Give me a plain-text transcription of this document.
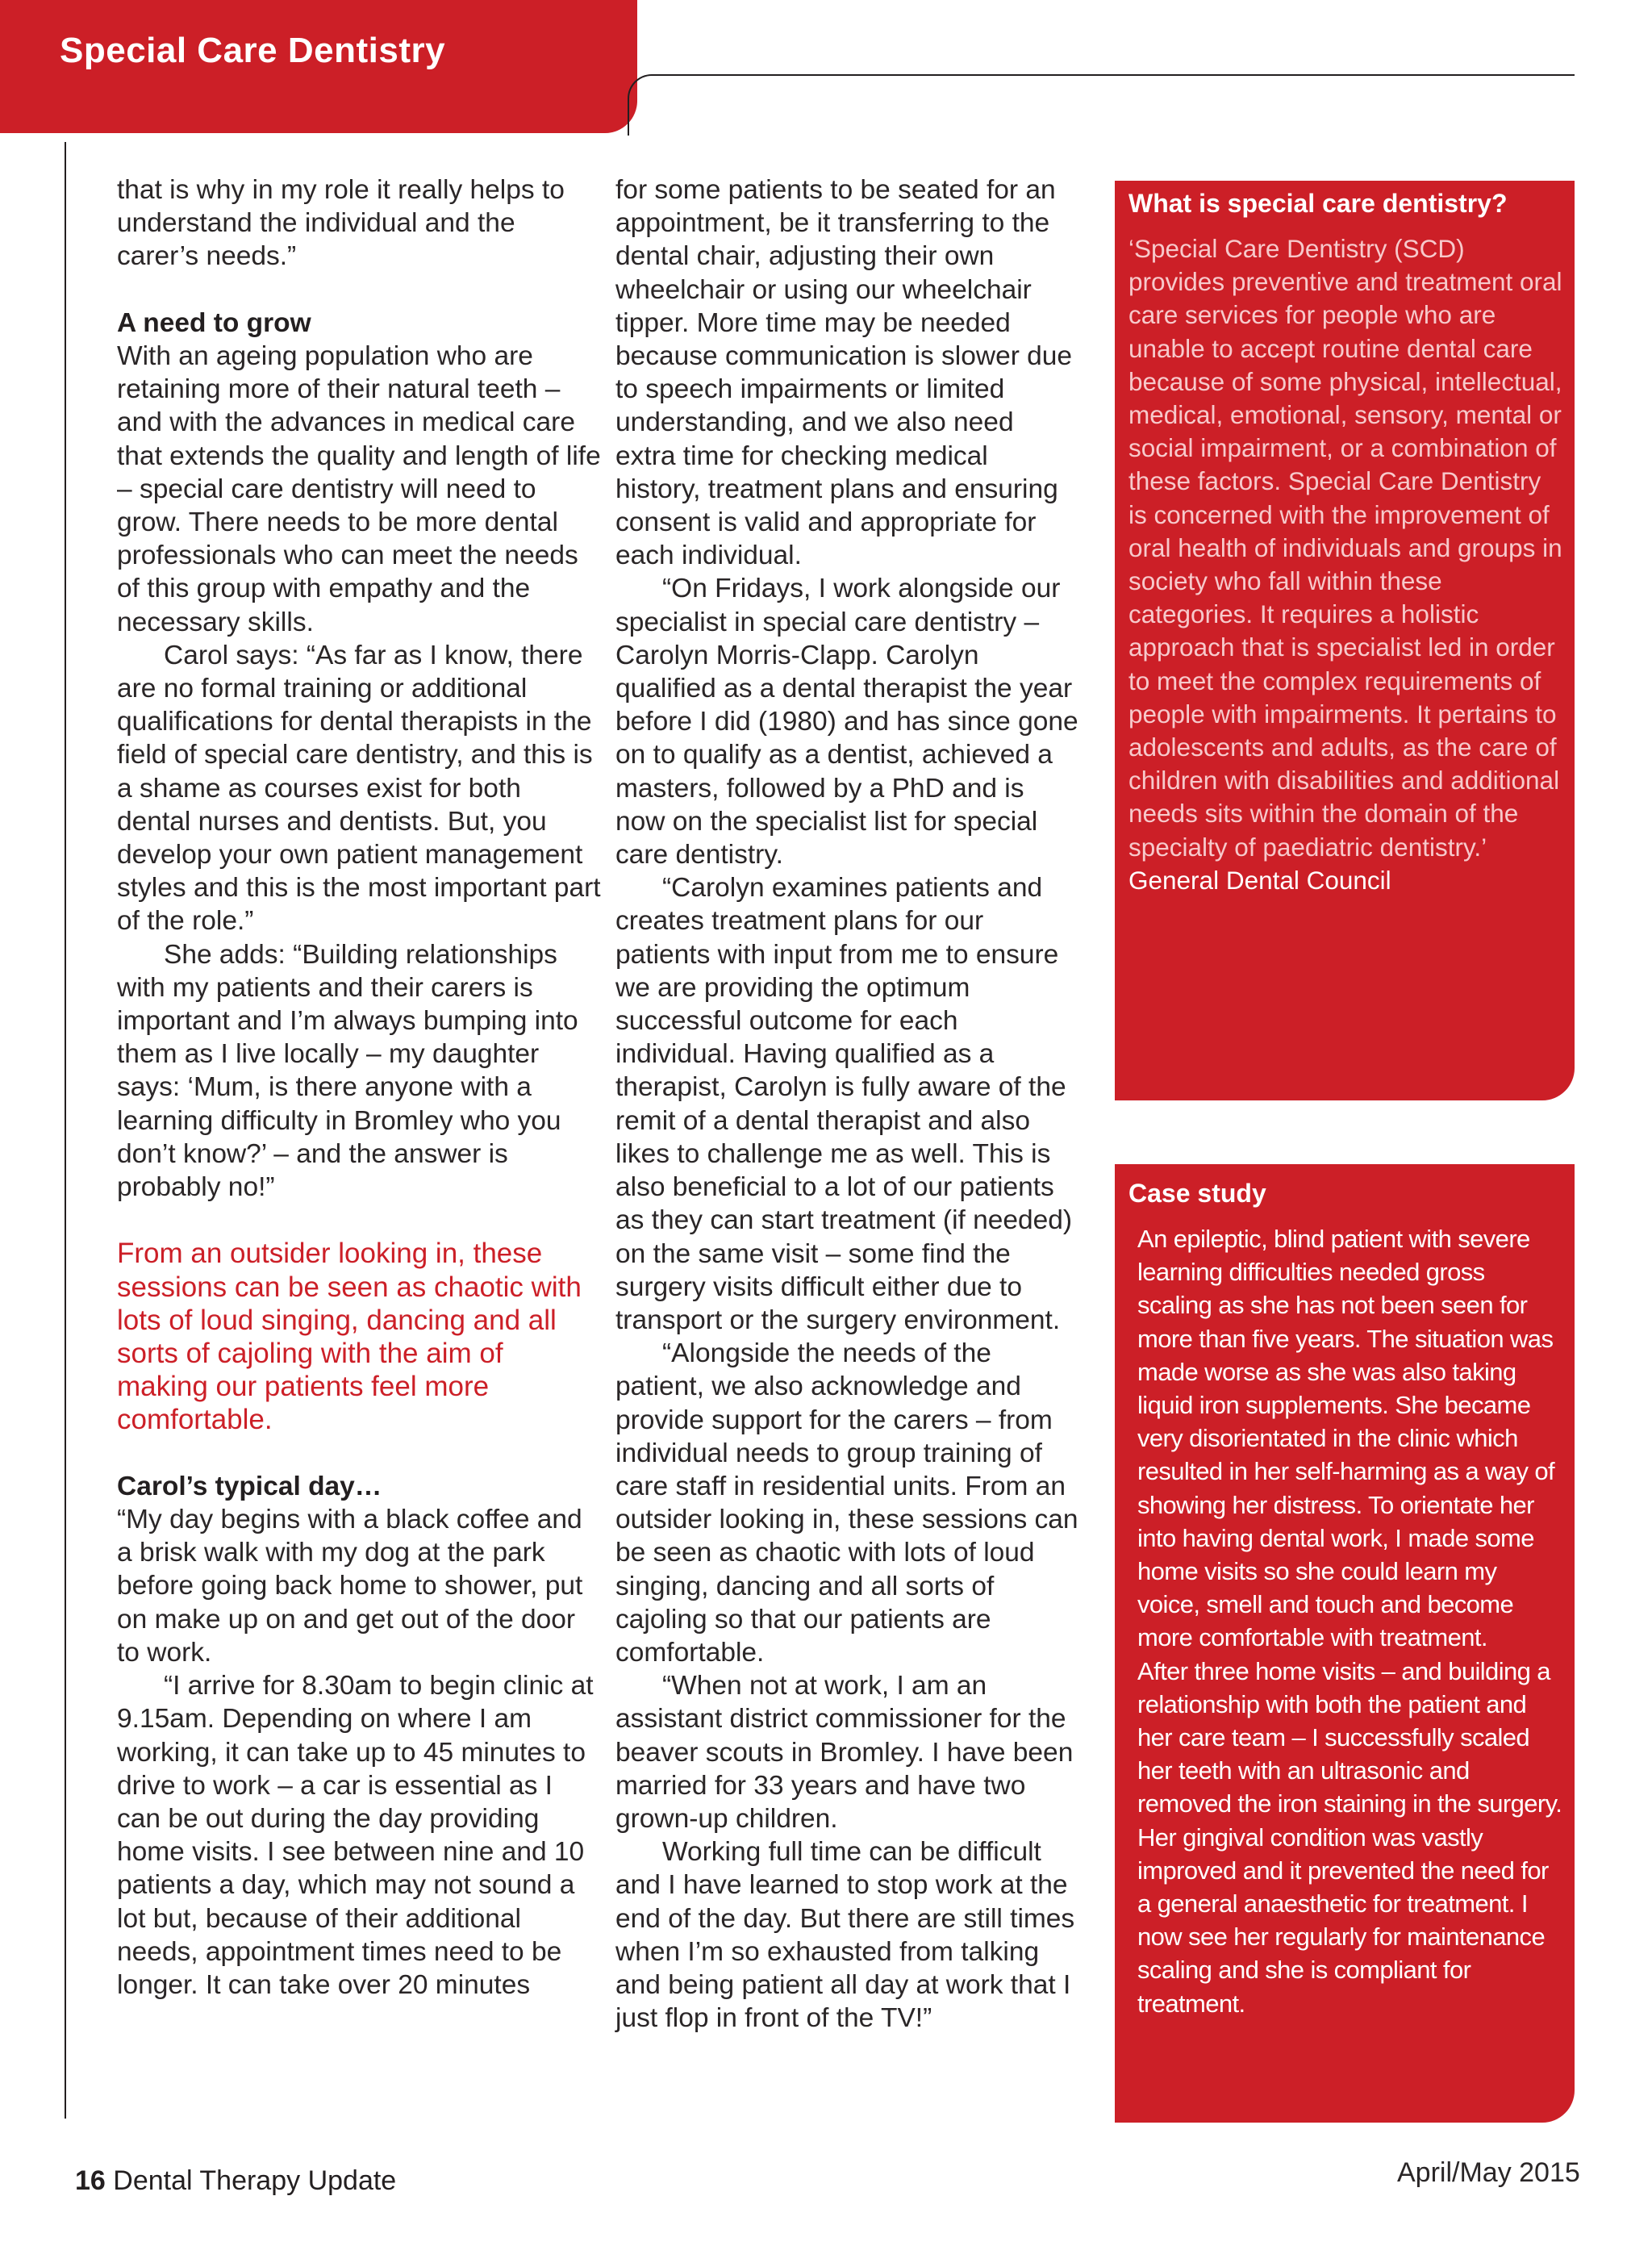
Special Care Dentistry

that is why in my role it really helps to understand the individual and the carer’s needs.”

A need to grow

With an ageing population who are retaining more of their natural teeth – and with the advances in medical care that extends the quality and length of life – special care dentistry will need to grow. There needs to be more dental professionals who can meet the needs of this group with empathy and the necessary skills.

Carol says: “As far as I know, there are no formal training or additional qualifications for dental therapists in the field of special care dentistry, and this is a shame as courses exist for both dental nurses and dentists. But, you develop your own patient management styles and this is the most important part of the role.”

She adds: “Building relationships with my patients and their carers is important and I’m always bumping into them as I live locally – my daughter says: ‘Mum, is there anyone with a learning difficulty in Bromley who you don’t know?’ – and the answer is probably no!”

From an outsider looking in, these sessions can be seen as chaotic with lots of loud singing, dancing and all sorts of cajoling with the aim of making our patients feel more comfortable.

Carol’s typical day…

“My day begins with a black coffee and a brisk walk with my dog at the park before going back home to shower, put on make up on and get out of the door to work.

“I arrive for 8.30am to begin clinic at 9.15am. Depending on where I am working, it can take up to 45 minutes to drive to work – a car is essential as I can be out during the day providing home visits. I see between nine and 10 patients a day, which may not sound a lot but, because of their additional needs, appointment times need to be longer. It can take over 20 minutes

for some patients to be seated for an appointment, be it transferring to the dental chair, adjusting their own wheelchair or using our wheelchair tipper. More time may be needed because communication is slower due to speech impairments or limited understanding, and we also need extra time for checking medical history, treatment plans and ensuring consent is valid and appropriate for each individual.

“On Fridays, I work alongside our specialist in special care dentistry – Carolyn Morris-Clapp. Carolyn qualified as a dental therapist the year before I did (1980) and has since gone on to qualify as a dentist, achieved a masters, followed by a PhD and is now on the specialist list for special care dentistry.

“Carolyn examines patients and creates treatment plans for our patients with input from me to ensure we are providing the optimum successful outcome for each individual. Having qualified as a therapist, Carolyn is fully aware of the remit of a dental therapist and also likes to challenge me as well. This is also beneficial to a lot of our patients as they can start treatment (if needed) on the same visit – some find the surgery visits difficult either due to transport or the surgery environment.

“Alongside the needs of the patient, we also acknowledge and provide support for the carers – from individual needs to group training of care staff in residential units. From an outsider looking in, these sessions can be seen as chaotic with lots of loud singing, dancing and all sorts of cajoling so that our patients are comfortable.

“When not at work, I am an assistant district commissioner for the beaver scouts in Bromley. I have been married for 33 years and have two grown-up children.

Working full time can be difficult and I have learned to stop work at the end of the day. But there are still times when I’m so exhausted from talking and being patient all day at work that I just flop in front of the TV!”

What is special care dentistry?
‘Special Care Dentistry (SCD) provides preventive and treatment oral care services for people who are unable to accept routine dental care because of some physical, intellectual, medical, emotional, sensory, mental or social impairment, or a combination of these factors. Special Care Dentistry is concerned with the improvement of oral health of individuals and groups in society who fall within these categories. It requires a holistic approach that is specialist led in order to meet the complex requirements of people with impairments. It pertains to adolescents and adults, as the care of children with disabilities and additional needs sits within the domain of the specialty of paediatric dentistry.’ General Dental Council
Case study
An epileptic, blind patient with severe learning difficulties needed gross scaling as she has not been seen for more than five years. The situation was made worse as she was also taking liquid iron supplements. She became very disorientated in the clinic which resulted in her self-harming as a way of showing her distress. To orientate her into having dental work, I made some home visits so she could learn my voice, smell and touch and become more comfortable with treatment.
After three home visits – and building a relationship with both the patient and her care team – I successfully scaled her teeth with an ultrasonic and removed the iron staining in the surgery. Her gingival condition was vastly improved and it prevented the need for a general anaesthetic for treatment. I now see her regularly for maintenance scaling and she is compliant for treatment.
16 Dental Therapy Update	April/May 2015
